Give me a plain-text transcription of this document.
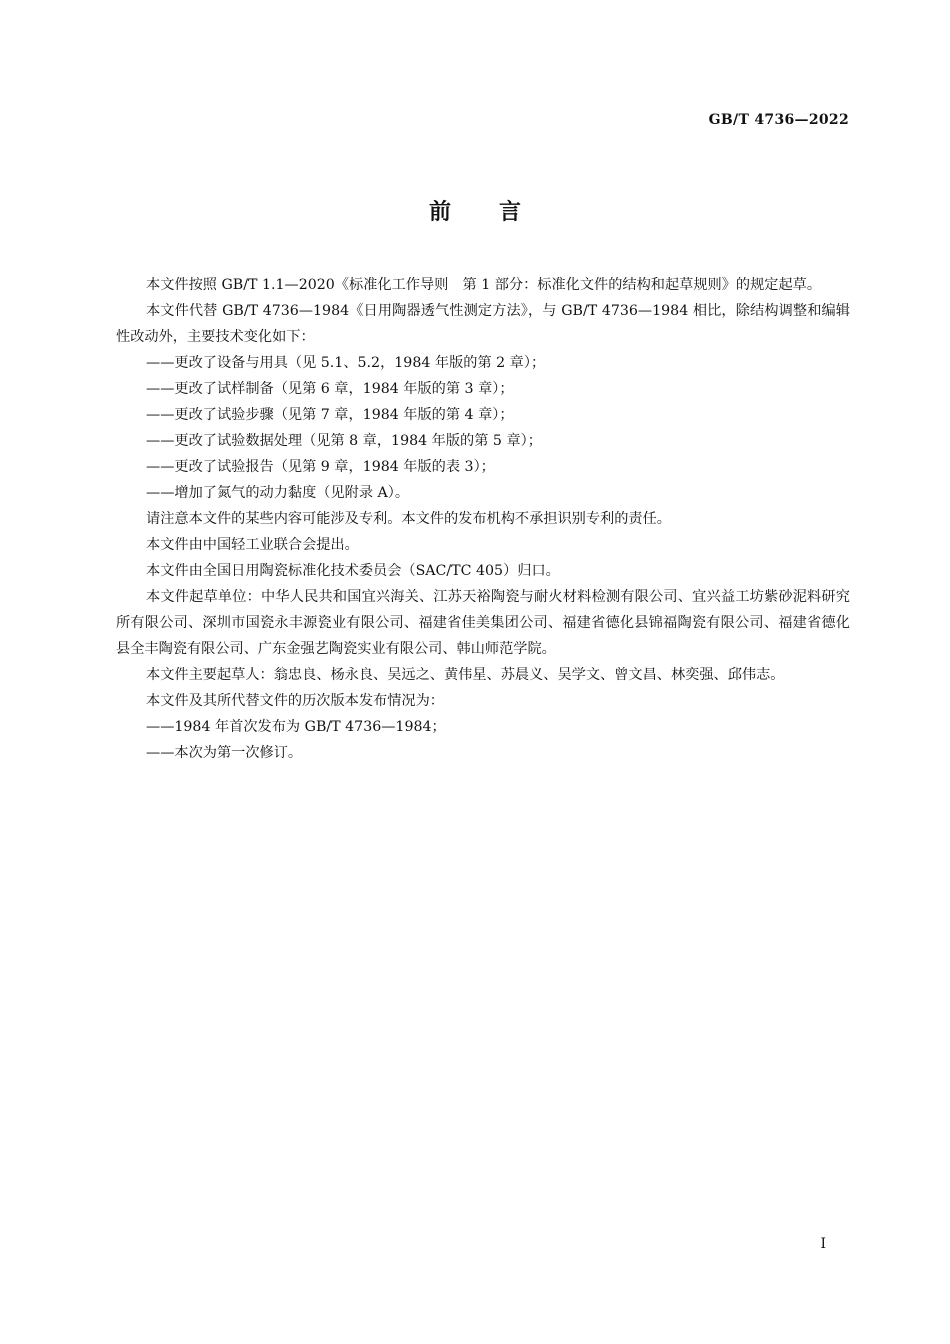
GB/T 4736—2022
前言

本文件按照 GB/T 1.1—2020《标准化工作导则　第 1 部分：标准化文件的结构和起草规则》的规定起草。

本文件代替 GB/T 4736—1984《日用陶器透气性测定方法》，与 GB/T 4736—1984 相比，除结构调整和编辑性改动外，主要技术变化如下：

——更改了设备与用具（见 5.1、5.2，1984 年版的第 2 章）；

——更改了试样制备（见第 6 章，1984 年版的第 3 章）；

——更改了试验步骤（见第 7 章，1984 年版的第 4 章）；

——更改了试验数据处理（见第 8 章，1984 年版的第 5 章）；

——更改了试验报告（见第 9 章，1984 年版的表 3）；

——增加了氮气的动力黏度（见附录 A）。

请注意本文件的某些内容可能涉及专利。本文件的发布机构不承担识别专利的责任。

本文件由中国轻工业联合会提出。

本文件由全国日用陶瓷标准化技术委员会（SAC/TC 405）归口。

本文件起草单位：中华人民共和国宜兴海关、江苏天裕陶瓷与耐火材料检测有限公司、宜兴益工坊紫砂泥料研究所有限公司、深圳市国瓷永丰源瓷业有限公司、福建省佳美集团公司、福建省德化县锦福陶瓷有限公司、福建省德化县全丰陶瓷有限公司、广东金强艺陶瓷实业有限公司、韩山师范学院。

本文件主要起草人：翁忠良、杨永良、吴远之、黄伟星、苏晨义、吴学文、曾文昌、林奕强、邱伟志。

本文件及其所代替文件的历次版本发布情况为：

——1984 年首次发布为 GB/T 4736—1984；

——本次为第一次修订。

I
